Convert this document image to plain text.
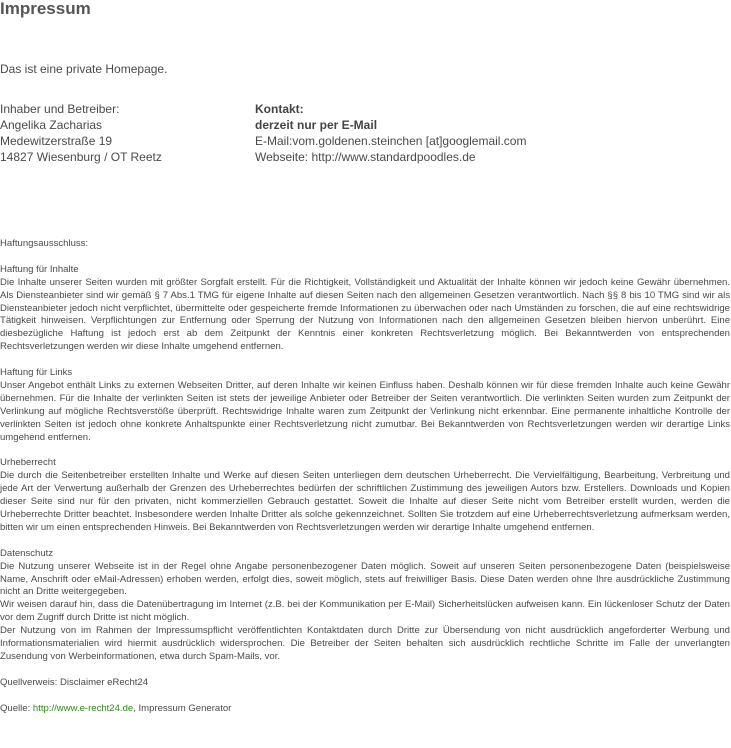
Impressum
Das ist eine private Homepage.
Inhaber und Betreiber:
Angelika Zacharias
Medewitzerstraße 19
14827 Wiesenburg / OT Reetz
Kontakt:
derzeit nur per E-Mail
E-Mail:vom.goldenen.steinchen [at]googlemail.com
Webseite: http://www.standardpoodles.de

Haftungsausschluss:

Haftung für Inhalte
Die Inhalte unserer Seiten wurden mit größter Sorgfalt erstellt. Für die Richtigkeit, Vollständigkeit und Aktualität der Inhalte können wir jedoch keine Gewähr übernehmen. Als Diensteanbieter sind wir gemäß § 7 Abs.1 TMG für eigene Inhalte auf diesen Seiten nach den allgemeinen Gesetzen verantwortlich. Nach §§ 8 bis 10 TMG sind wir als Diensteanbieter jedoch nicht verpflichtet, übermittelte oder gespeicherte fremde Informationen zu überwachen oder nach Umständen zu forschen, die auf eine rechtswidrige Tätigkeit hinweisen. Verpflichtungen zur Entfernung oder Sperrung der Nutzung von Informationen nach den allgemeinen Gesetzen bleiben hiervon unberührt. Eine diesbezügliche Haftung ist jedoch erst ab dem Zeitpunkt der Kenntnis einer konkreten Rechtsverletzung möglich. Bei Bekanntwerden von entsprechenden Rechtsverletzungen werden wir diese Inhalte umgehend entfernen.

Haftung für Links
Unser Angebot enthält Links zu externen Webseiten Dritter, auf deren Inhalte wir keinen Einfluss haben. Deshalb können wir für diese fremden Inhalte auch keine Gewähr übernehmen. Für die Inhalte der verlinkten Seiten ist stets der jeweilige Anbieter oder Betreiber der Seiten verantwortlich. Die verlinkten Seiten wurden zum Zeitpunkt der Verlinkung auf mögliche Rechtsverstöße überprüft. Rechtswidrige Inhalte waren zum Zeitpunkt der Verlinkung nicht erkennbar. Eine permanente inhaltliche Kontrolle der verlinkten Seiten ist jedoch ohne konkrete Anhaltspunkte einer Rechtsverletzung nicht zumutbar. Bei Bekanntwerden von Rechtsverletzungen werden wir derartige Links umgehend entfernen.

Urheberrecht
Die durch die Seitenbetreiber erstellten Inhalte und Werke auf diesen Seiten unterliegen dem deutschen Urheberrecht. Die Vervielfältigung, Bearbeitung, Verbreitung und jede Art der Verwertung außerhalb der Grenzen des Urheberrechtes bedürfen der schriftlichen Zustimmung des jeweiligen Autors bzw. Erstellers. Downloads und Kopien dieser Seite sind nur für den privaten, nicht kommerziellen Gebrauch gestattet. Soweit die Inhalte auf dieser Seite nicht vom Betreiber erstellt wurden, werden die Urheberrechte Dritter beachtet. Insbesondere werden Inhalte Dritter als solche gekennzeichnet. Sollten Sie trotzdem auf eine Urheberrechtsverletzung aufmerksam werden, bitten wir um einen entsprechenden Hinweis. Bei Bekanntwerden von Rechtsverletzungen werden wir derartige Inhalte umgehend entfernen.

Datenschutz
Die Nutzung unserer Webseite ist in der Regel ohne Angabe personenbezogener Daten möglich. Soweit auf unseren Seiten personenbezogene Daten (beispielsweise Name, Anschrift oder eMail-Adressen) erhoben werden, erfolgt dies, soweit möglich, stets auf freiwilliger Basis. Diese Daten werden ohne Ihre ausdrückliche Zustimmung nicht an Dritte weitergegeben.
Wir weisen darauf hin, dass die Datenübertragung im Internet (z.B. bei der Kommunikation per E-Mail) Sicherheitslücken aufweisen kann. Ein lückenloser Schutz der Daten vor dem Zugriff durch Dritte ist nicht möglich.
Der Nutzung von im Rahmen der Impressumspflicht veröffentlichten Kontaktdaten durch Dritte zur Übersendung von nicht ausdrücklich angeforderter Werbung und Informationsmaterialien wird hiermit ausdrücklich widersprochen. Die Betreiber der Seiten behalten sich ausdrücklich rechtliche Schritte im Falle der unverlangten Zusendung von Werbeinformationen, etwa durch Spam-Mails, vor.

Quellverweis: Disclaimer eRecht24

Quelle: http://www.e-recht24.de, Impressum Generator
